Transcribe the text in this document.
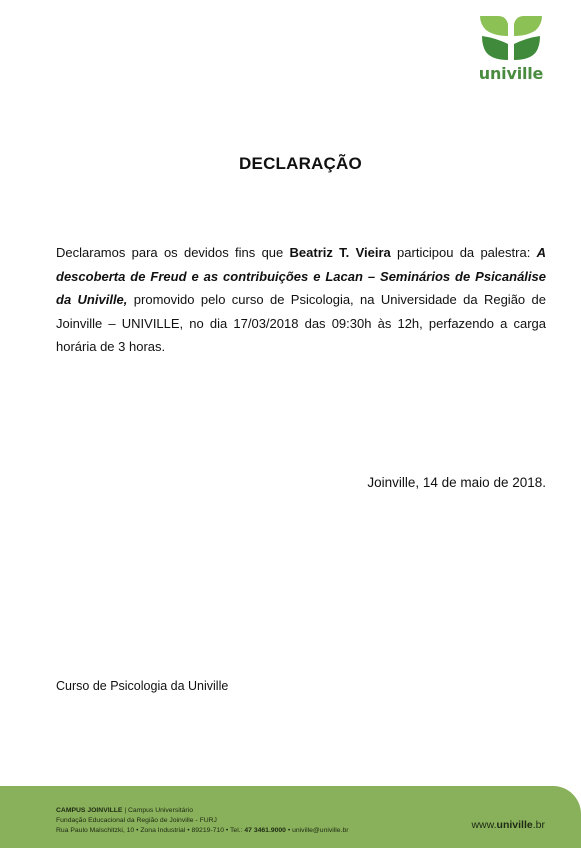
univille
DECLARAÇÃO
Declaramos para os devidos fins que Beatriz T. Vieira participou da palestra: A descoberta de Freud e as contribuições e Lacan – Seminários de Psicanálise da Univille, promovido pelo curso de Psicologia, na Universidade da Região de Joinville – UNIVILLE, no dia 17/03/2018 das 09:30h às 12h, perfazendo a carga horária de 3 horas.
Joinville, 14 de maio de 2018.
Curso de Psicologia da Univille
CAMPUS JOINVILLE | Campus Universitário
Fundação Educacional da Região de Joinville - FURJ
Rua Paulo Malschitzki, 10 • Zona Industrial • 89219-710 • Tel.: 47 3461.9000 • univille@univille.br	www.univille.br
